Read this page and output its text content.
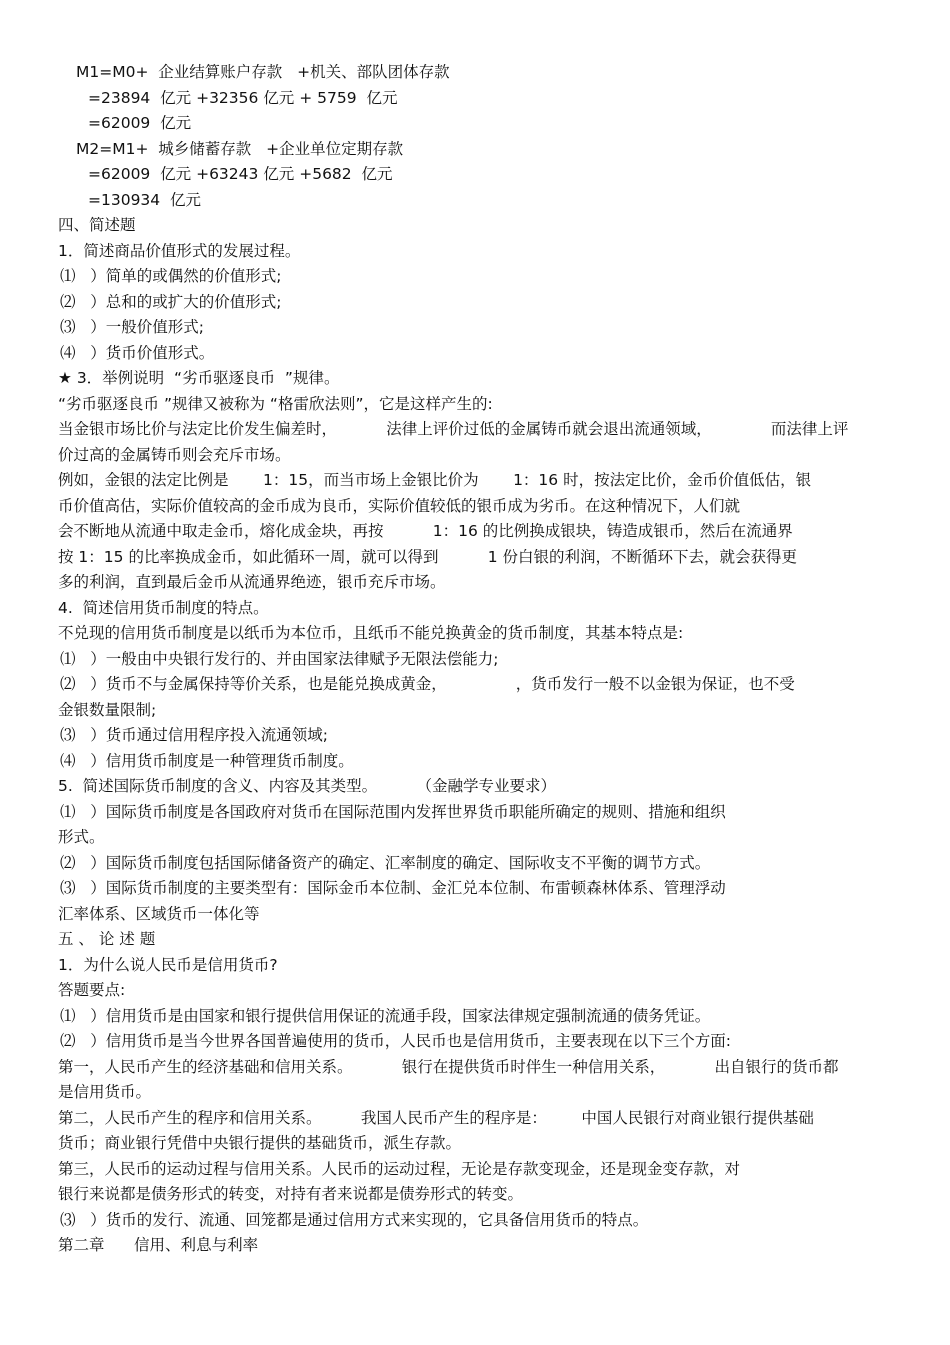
M1=M0+  企业结算账户存款   +机关、部队团体存款
=23894  亿元 +32356 亿元 + 5759  亿元
=62009  亿元
M2=M1+  城乡储蓄存款   +企业单位定期存款
=62009  亿元 +63243 亿元 +5682  亿元
=130934  亿元
四、简述题
1．简述商品价值形式的发展过程。
⑴   ）简单的或偶然的价值形式;
⑵   ）总和的或扩大的价值形式;
⑶   ）一般价值形式;
⑷   ）货币价值形式。
★ 3．举例说明  “劣币驱逐良币  ”规律。
“劣币驱逐良币 ”规律又被称为 “格雷欣法则”，它是这样产生的:
当金银市场比价与法定比价发生偏差时，          法律上评价过低的金属铸币就会退出流通领域，            而法律上评
价过高的金属铸币则会充斥市场。
例如，金银的法定比例是       1：15，而当市场上金银比价为       1：16 时，按法定比价，金币价值低估，银
币价值高估，实际价值较高的金币成为良币，实际价值较低的银币成为劣币。在这种情况下，人们就
会不断地从流通中取走金币，熔化成金块，再按          1：16 的比例换成银块，铸造成银币，然后在流通界
按 1：15 的比率换成金币，如此循环一周，就可以得到          1 份白银的利润，不断循环下去，就会获得更
多的利润，直到最后金币从流通界绝迹，银币充斥市场。
4.  简述信用货币制度的特点。
不兑现的信用货币制度是以纸币为本位币，且纸币不能兑换黄金的货币制度，其基本特点是:
⑴   ）一般由中央银行发行的、并由国家法律赋予无限法偿能力;
⑵   ）货币不与金属保持等价关系，也是能兑换成黄金，              ，货币发行一般不以金银为保证，也不受
金银数量限制;
⑶   ）货币通过信用程序投入流通领域;
⑷   ）信用货币制度是一种管理货币制度。
5.  简述国际货币制度的含义、内容及其类型。        （金融学专业要求）
⑴   ）国际货币制度是各国政府对货币在国际范围内发挥世界货币职能所确定的规则、措施和组织
形式。
⑵   ）国际货币制度包括国际储备资产的确定、汇率制度的确定、国际收支不平衡的调节方式。
⑶   ）国际货币制度的主要类型有：国际金币本位制、金汇兑本位制、布雷顿森林体系、管理浮动
汇率体系、区域货币一体化等
五 、 论 述 题
1．为什么说人民币是信用货币?
答题要点:
⑴   ）信用货币是由国家和银行提供信用保证的流通手段，国家法律规定强制流通的债务凭证。
⑵   ）信用货币是当今世界各国普遍使用的货币，人民币也是信用货币，主要表现在以下三个方面:
第一，人民币产生的经济基础和信用关系。          银行在提供货币时伴生一种信用关系，          出自银行的货币都
是信用货币。
第二，人民币产生的程序和信用关系。        我国人民币产生的程序是：       中国人民银行对商业银行提供基础
货币；商业银行凭借中央银行提供的基础货币，派生存款。
第三，人民币的运动过程与信用关系。人民币的运动过程，无论是存款变现金，还是现金变存款，对
银行来说都是债务形式的转变，对持有者来说都是债券形式的转变。
⑶   ）货币的发行、流通、回笼都是通过信用方式来实现的，它具备信用货币的特点。
第二章      信用、利息与利率
